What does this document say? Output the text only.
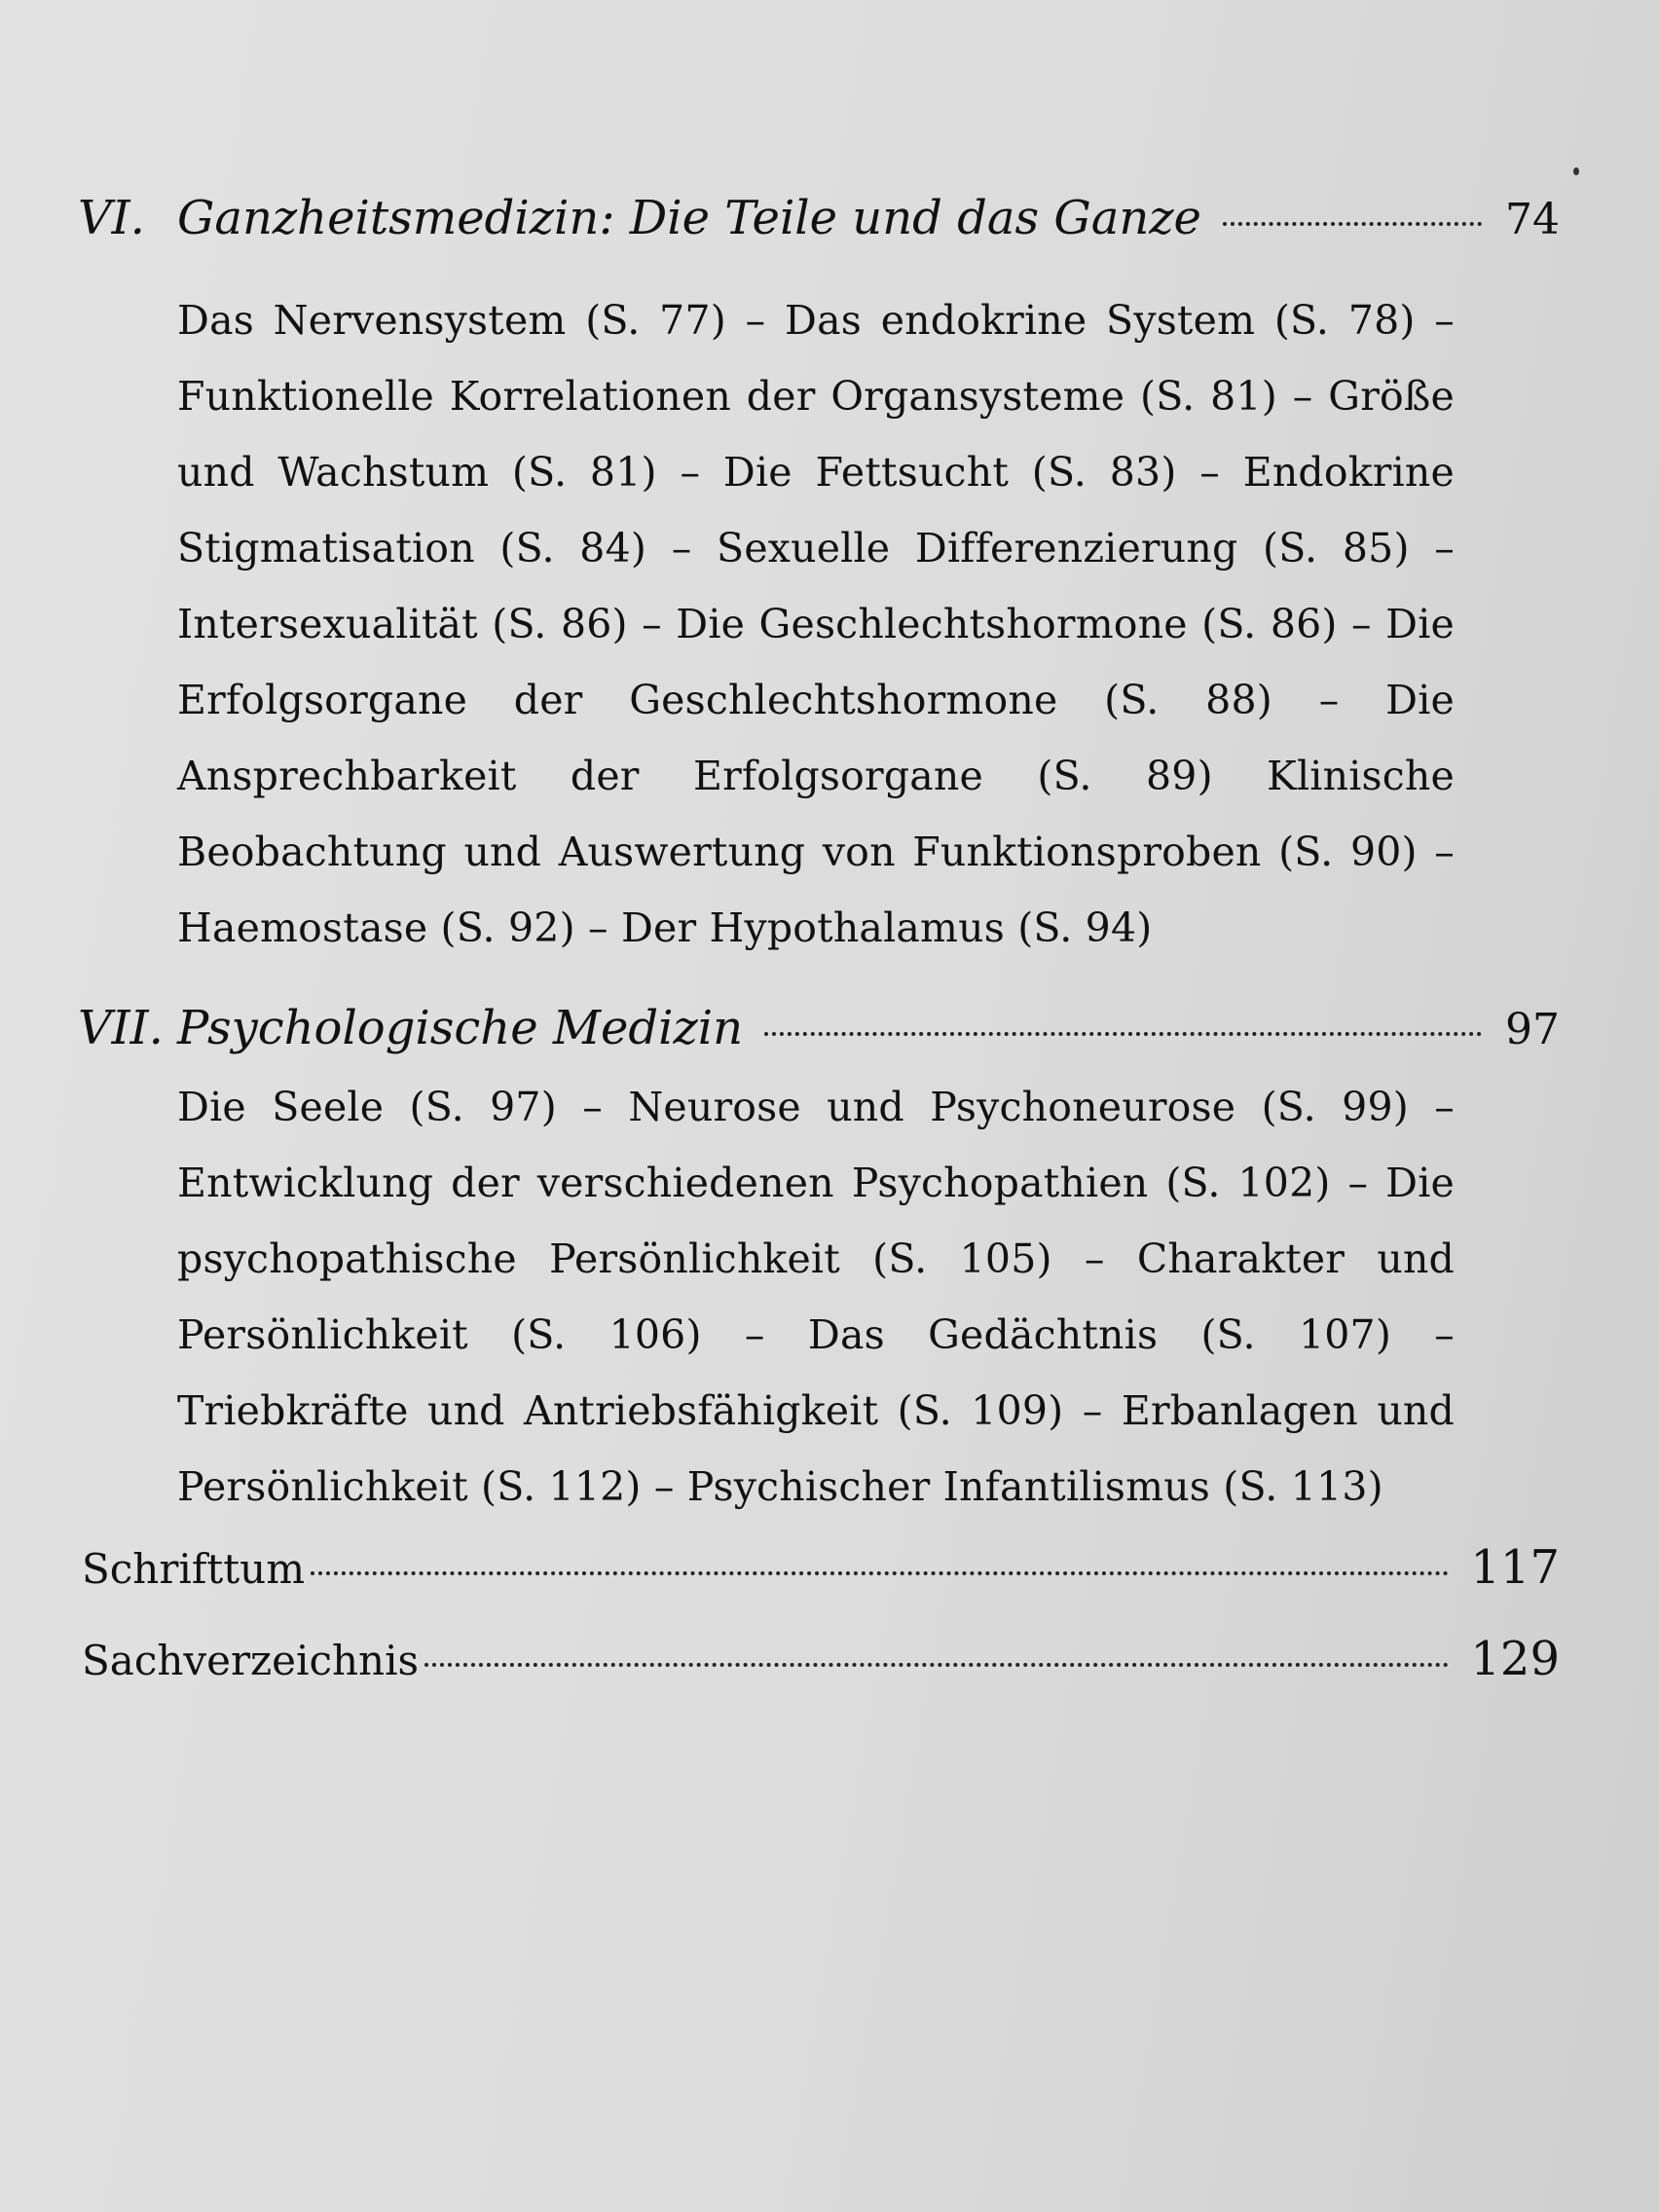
VI. Ganzheitsmedizin: Die Teile und das Ganze	74
Das Nervensystem (S. 77) – Das endokrine System (S. 78) – Funktionelle Korrelationen der Organsysteme (S. 81) – Größe und Wachstum (S. 81) – Die Fettsucht (S. 83) – Endokrine Stigmatisation (S. 84) – Sexuelle Differenzierung (S. 85) – Intersexualität (S. 86) – Die Geschlechtshormone (S. 86) – Die Erfolgsorgane der Geschlechtshormone (S. 88) – Die Ansprechbarkeit der Erfolgsorgane (S. 89) Klinische Beobachtung und Auswertung von Funktionsproben (S. 90) – Haemostase (S. 92) – Der Hypothalamus (S. 94)
VII. Psychologische Medizin	97
Die Seele (S. 97) – Neurose und Psychoneurose (S. 99) – Entwicklung der verschiedenen Psychopathien (S. 102) – Die psychopathische Persönlichkeit (S. 105) – Charakter und Persönlichkeit (S. 106) – Das Gedächtnis (S. 107) – Triebkräfte und Antriebsfähigkeit (S. 109) – Erbanlagen und Persönlichkeit (S. 112) – Psychischer Infantilismus (S. 113)
Schrifttum	117
Sachverzeichnis	129
